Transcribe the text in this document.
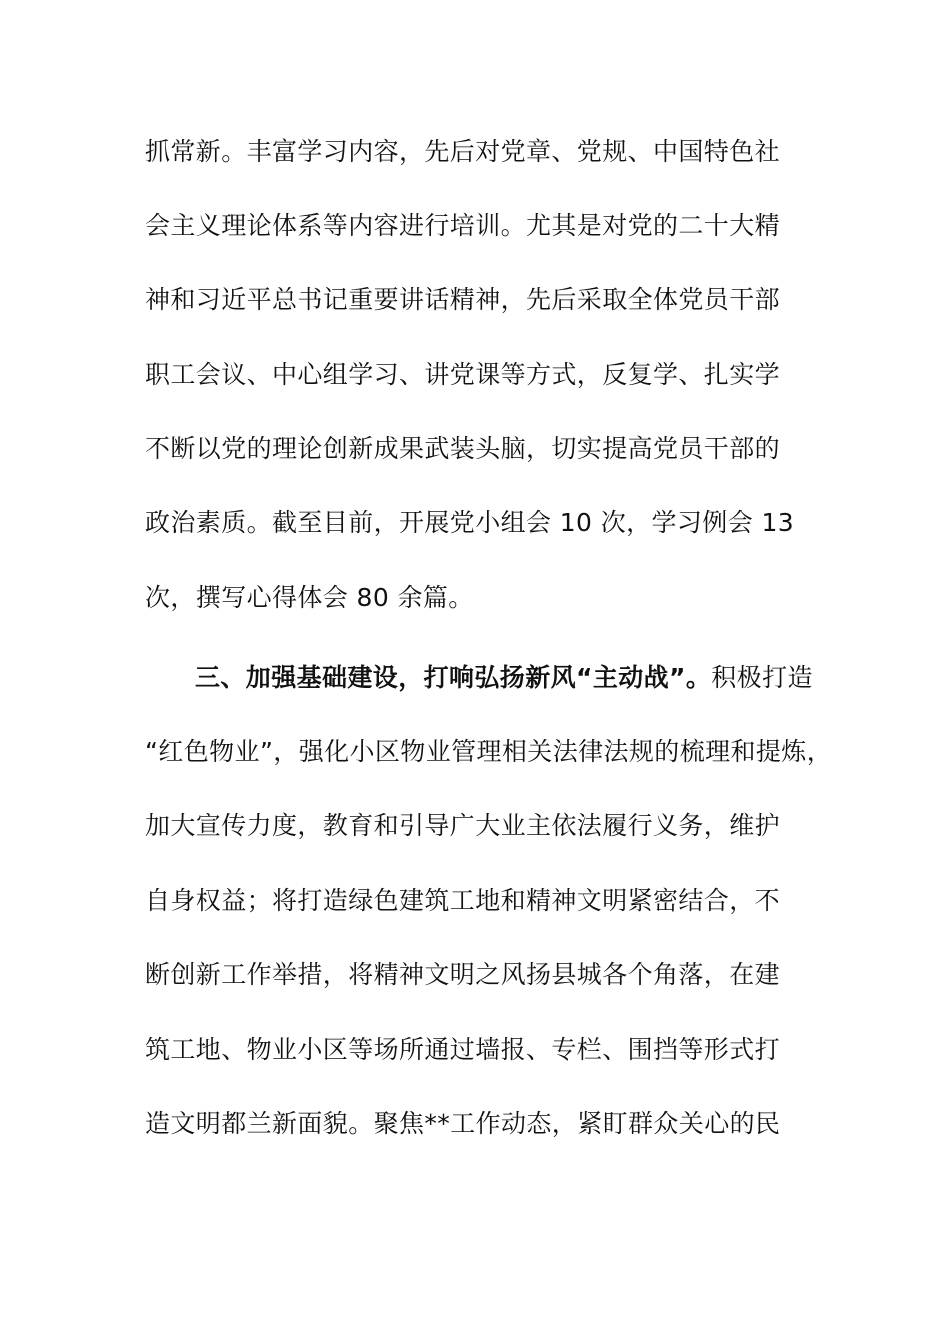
抓常新。丰富学习内容，先后对党章、党规、中国特色社
会主义理论体系等内容进行培训。尤其是对党的二十大精
神和习近平总书记重要讲话精神，先后采取全体党员干部
职工会议、中心组学习、讲党课等方式，反复学、扎实学
不断以党的理论创新成果武装头脑，切实提高党员干部的
政治素质。截至目前，开展党小组会 10 次，学习例会 13
次，撰写心得体会 80 余篇。
三、加强基础建设，打响弘扬新风“主动战”。积极打造
“红色物业”，强化小区物业管理相关法律法规的梳理和提炼，
加大宣传力度，教育和引导广大业主依法履行义务，维护
自身权益；将打造绿色建筑工地和精神文明紧密结合，不
断创新工作举措，将精神文明之风扬县城各个角落，在建
筑工地、物业小区等场所通过墙报、专栏、围挡等形式打
造文明都兰新面貌。聚焦**工作动态，紧盯群众关心的民
